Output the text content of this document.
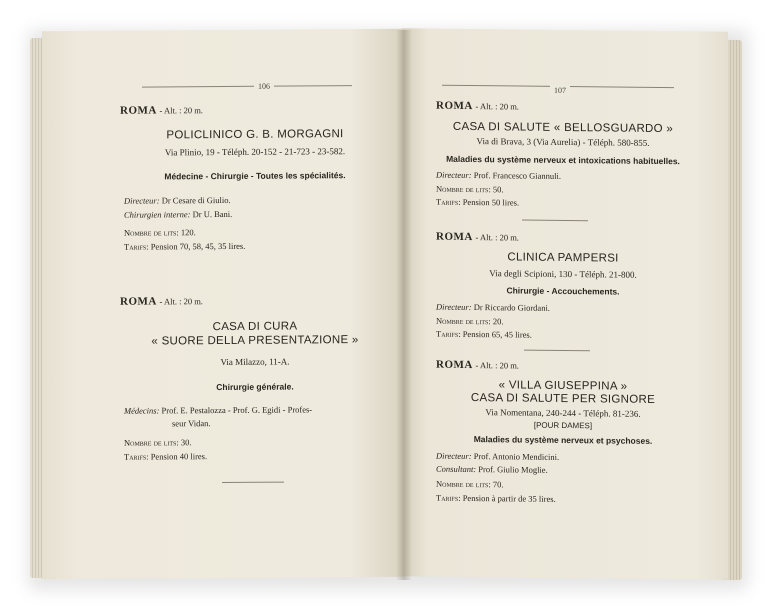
106
ROMA - Alt. : 20 m.
POLICLINICO G. B. MORGAGNI
Via Plinio, 19 - Téléph. 20-152 - 21-723 - 23-582.
Médecine - Chirurgie - Toutes les spécialités.
Directeur: Dr Cesare di Giulio.
Chirurgien interne: Dr U. Bani.
Nombre de lits: 120.
Tarifs: Pension 70, 58, 45, 35 lires.
ROMA - Alt. : 20 m.
CASA DI CURA
« SUORE DELLA PRESENTAZIONE »
Via Milazzo, 11-A.
Chirurgie générale.
Médecins: Prof. E. Pestalozza - Prof. G. Egidi - Profes-
seur Vidan.
Nombre de lits: 30.
Tarifs: Pension 40 lires.
107
ROMA - Alt. : 20 m.
CASA DI SALUTE « BELLOSGUARDO »
Via di Brava, 3 (Via Aurelia) - Téléph. 580-855.
Maladies du système nerveux et intoxications habituelles.
Directeur: Prof. Francesco Giannuli.
Nombre de lits: 50.
Tarifs: Pension 50 lires.
ROMA - Alt. : 20 m.
CLINICA PAMPERSI
Via degli Scipioni, 130 - Téléph. 21-800.
Chirurgie - Accouchements.
Directeur: Dr Riccardo Giordani.
Nombre de lits: 20.
Tarifs: Pension 65, 45 lires.
ROMA - Alt. : 20 m.
« VILLA GIUSEPPINA »
CASA DI SALUTE PER SIGNORE
Via Nomentana, 240-244 - Téléph. 81-236.
[POUR DAMES]
Maladies du système nerveux et psychoses.
Directeur: Prof. Antonio Mendicini.
Consultant: Prof. Giulio Moglie.
Nombre de lits: 70.
Tarifs: Pension à partir de 35 lires.
